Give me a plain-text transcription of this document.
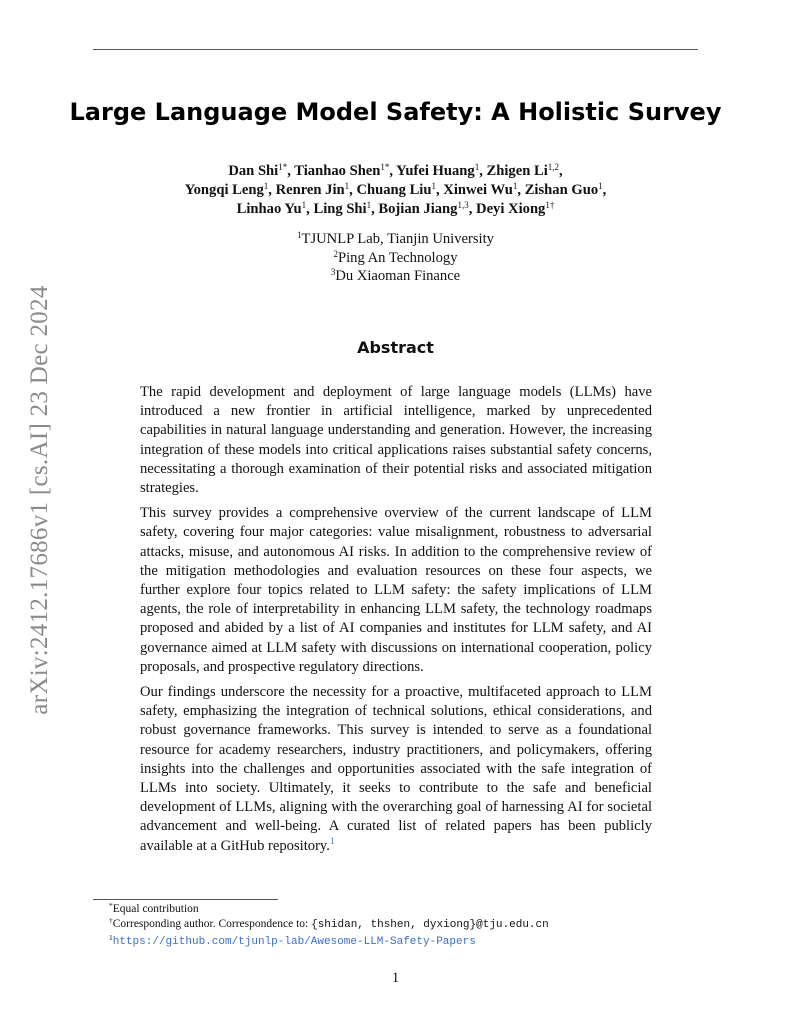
arXiv:2412.17686v1 [cs.AI] 23 Dec 2024
Large Language Model Safety: A Holistic Survey
Dan Shi$^{1*}$, Tianhao Shen$^{1*}$, Yufei Huang$^1$, Zhigen Li$^{1,2}$,
Yongqi Leng$^1$, Renren Jin$^1$, Chuang Liu$^1$, Xinwei Wu$^1$, Zishan Guo$^1$,
Linhao Yu$^1$, Ling Shi$^1$, Bojian Jiang$^{1,3}$, Deyi Xiong$^{1\dagger}$
$^1$TJUNLP Lab, Tianjin University
$^2$Ping An Technology
$^3$Du Xiaoman Finance
Abstract

The rapid development and deployment of large language models (LLMs) have introduced a new frontier in artificial intelligence, marked by unprecedented capabilities in natural language understanding and generation. However, the increasing integration of these models into critical applications raises substantial safety concerns, necessitating a thorough examination of their potential risks and associated mitigation strategies.

This survey provides a comprehensive overview of the current landscape of LLM safety, covering four major categories: value misalignment, robustness to adversarial attacks, misuse, and autonomous AI risks. In addition to the comprehensive review of the mitigation methodologies and evaluation resources on these four aspects, we further explore four topics related to LLM safety: the safety implications of LLM agents, the role of interpretability in enhancing LLM safety, the technology roadmaps proposed and abided by a list of AI companies and institutes for LLM safety, and AI governance aimed at LLM safety with discussions on international cooperation, policy proposals, and prospective regulatory directions.

Our findings underscore the necessity for a proactive, multifaceted approach to LLM safety, emphasizing the integration of technical solutions, ethical considerations, and robust governance frameworks. This survey is intended to serve as a foundational resource for academy researchers, industry practitioners, and policymakers, offering insights into the challenges and opportunities associated with the safe integration of LLMs into society. Ultimately, it seeks to contribute to the safe and beneficial development of LLMs, aligning with the overarching goal of harnessing AI for societal advancement and well-being. A curated list of related papers has been publicly available at a GitHub repository.$^1$

*Equal contribution
†Corresponding author. Correspondence to: {shidan, thshen, dyxiong}@tju.edu.cn
$^1$https://github.com/tjunlp-lab/Awesome-LLM-Safety-Papers
1
